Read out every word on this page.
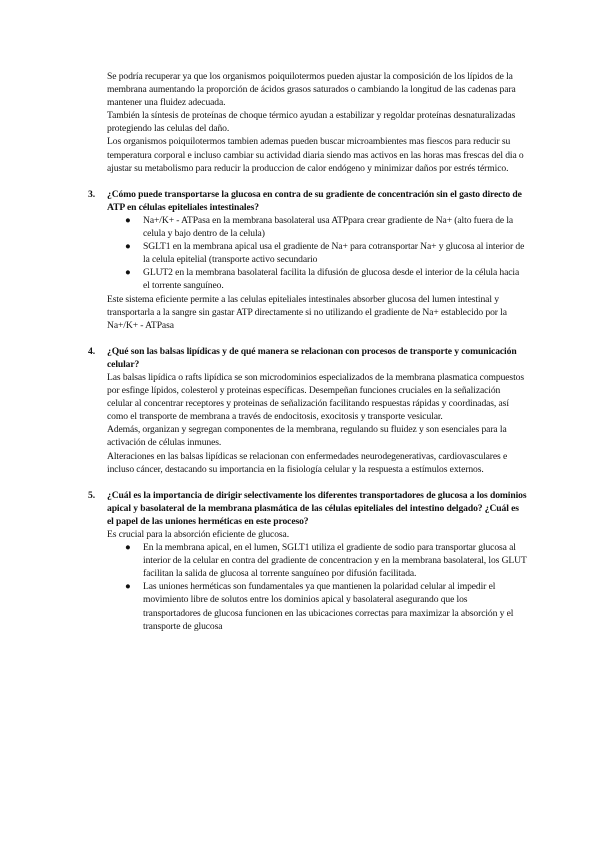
Se podría recuperar ya que los organismos poiquilotermos pueden ajustar la composición de los lípidos de la membrana aumentando la proporción de ácidos grasos saturados o cambiando la longitud de las cadenas para mantener una fluidez adecuada.

También la síntesis de proteínas de choque térmico ayudan a estabilizar y regoldar proteínas desnaturalizadas protegiendo las celulas del daño.

Los organismos poiquilotermos tambien ademas pueden buscar microambientes mas fiescos para reducir su temperatura corporal e incluso cambiar su actividad diaria siendo mas activos en las horas mas frescas del dia o ajustar su metabolismo para reducir la produccion de calor endógeno y minimizar daños por estrés térmico.

3. ¿Cómo puede transportarse la glucosa en contra de su gradiente de concentración sin el gasto directo de ATP en células epiteliales intestinales?

● Na+/K+ - ATPasa en la membrana basolateral usa ATPpara crear gradiente de Na+ (alto fuera de la celula y bajo dentro de la celula)
● SGLT1 en la membrana apical usa el gradiente de Na+ para cotransportar Na+ y glucosa al interior de la celula epitelial (transporte activo secundario
● GLUT2 en la membrana basolateral facilita la difusión de glucosa desde el interior de la célula hacia el torrente sanguíneo.

Este sistema eficiente permite a las celulas epiteliales intestinales absorber glucosa del lumen intestinal y transportarla a la sangre sin gastar ATP directamente si no utilizando el gradiente de Na+ establecido por la Na+/K+ - ATPasa

4. ¿Qué son las balsas lipídicas y de qué manera se relacionan con procesos de transporte y comunicación celular?

Las balsas lipídica o rafts lipídica se son microdominios especializados de la membrana plasmatica compuestos por esfinge lípidos, colesterol y proteinas específicas. Desempeñan funciones cruciales en la señalización celular al concentrar receptores y proteinas de señalización facilitando respuestas rápidas y coordinadas, así como el transporte de membrana a través de endocitosis, exocitosis y transporte vesicular.

Además, organizan y segregan componentes de la membrana, regulando su fluidez y son esenciales para la activación de células inmunes.

Alteraciones en las balsas lipídicas se relacionan con enfermedades neurodegenerativas, cardiovasculares e incluso cáncer, destacando su importancia en la fisiología celular y la respuesta a estímulos externos.

5. ¿Cuál es la importancia de dirigir selectivamente los diferentes transportadores de glucosa a los dominios apical y basolateral de la membrana plasmática de las células epiteliales del intestino delgado? ¿Cuál es el papel de las uniones herméticas en este proceso?

Es crucial para la absorción eficiente de glucosa.

● En la membrana apical, en el lumen, SGLT1 utiliza el gradiente de sodio para transportar glucosa al interior de la celular en contra del gradiente de concentracion y en la membrana basolateral, los GLUT facilitan la salida de glucosa al torrente sanguíneo por difusión facilitada.
● Las uniones herméticas son fundamentales ya que mantienen la polaridad celular al impedir el movimiento libre de solutos entre los dominios apical y basolateral asegurando que los transportadores de glucosa funcionen en las ubicaciones correctas para maximizar la absorción y el transporte de glucosa
